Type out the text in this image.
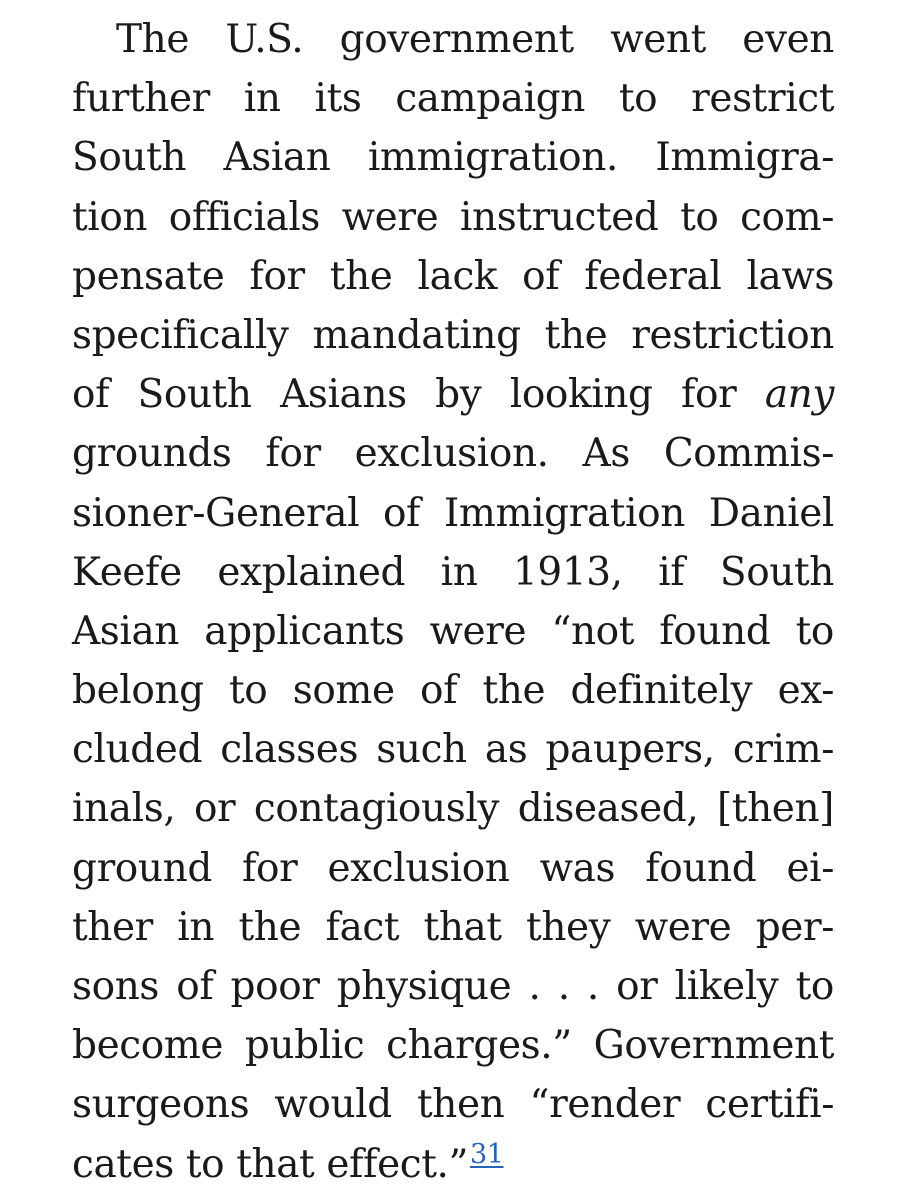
The U.S. government went even
further in its campaign to restrict
South Asian immigration. Immigra-
tion officials were instructed to com-
pensate for the lack of federal laws
specifically mandating the restriction
of South Asians by looking for any
grounds for exclusion. As Commis-
sioner-General of Immigration Daniel
Keefe explained in 1913, if South
Asian applicants were “not found to
belong to some of the definitely ex-
cluded classes such as paupers, crim-
inals, or contagiously diseased, [then]
ground for exclusion was found ei-
ther in the fact that they were per-
sons of poor physique . . . or likely to
become public charges.” Government
surgeons would then “render certifi-
cates to that effect.”$^{31}$
